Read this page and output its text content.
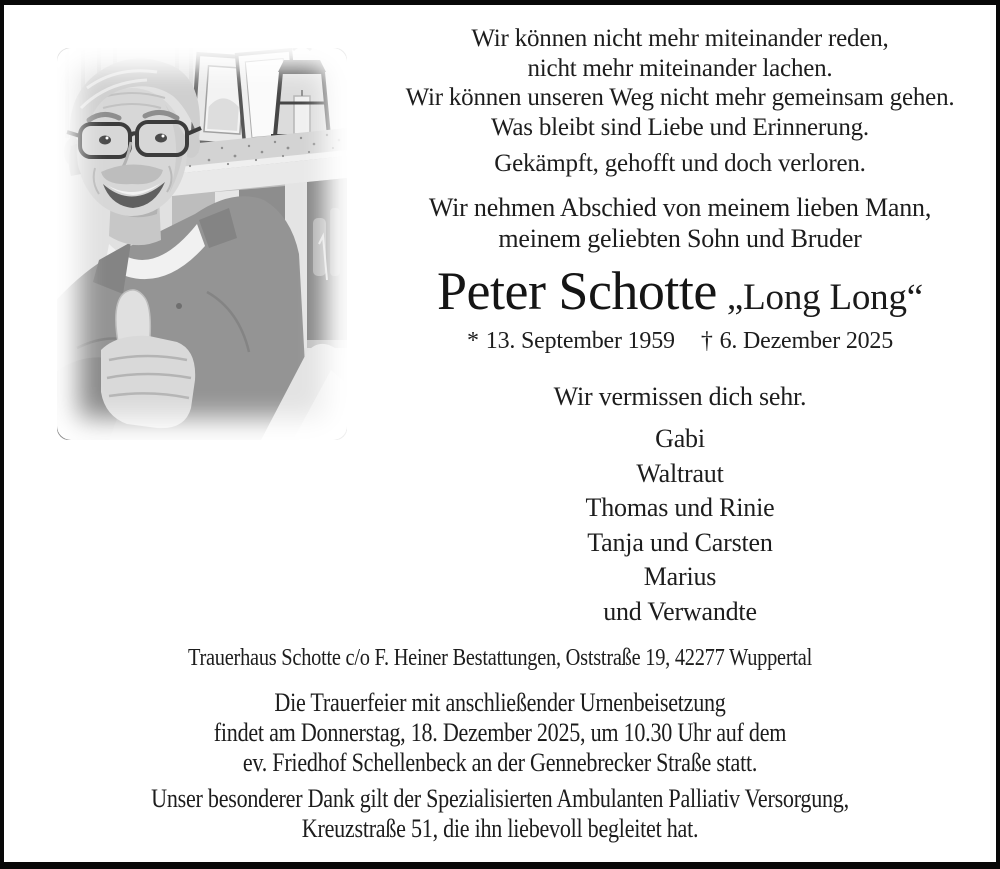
Wir können nicht mehr miteinander reden,
nicht mehr miteinander lachen.
Wir können unseren Weg nicht mehr gemeinsam gehen.
Was bleibt sind Liebe und Erinnerung.
Gekämpft, gehofft und doch verloren.
Wir nehmen Abschied von meinem lieben Mann,
meinem geliebten Sohn und Bruder
Peter Schotte „Long Long“
* 13. September 1959 † 6. Dezember 2025
Wir vermissen dich sehr.
Gabi
Waltraut
Thomas und Rinie
Tanja und Carsten
Marius
und Verwandte
Trauerhaus Schotte c/o F. Heiner Bestattungen, Oststraße 19, 42277 Wuppertal
Die Trauerfeier mit anschließender Urnenbeisetzung
findet am Donnerstag, 18. Dezember 2025, um 10.30 Uhr auf dem
ev. Friedhof Schellenbeck an der Gennebrecker Straße statt.
Unser besonderer Dank gilt der Spezialisierten Ambulanten Palliativ Versorgung,
Kreuzstraße 51, die ihn liebevoll begleitet hat.
